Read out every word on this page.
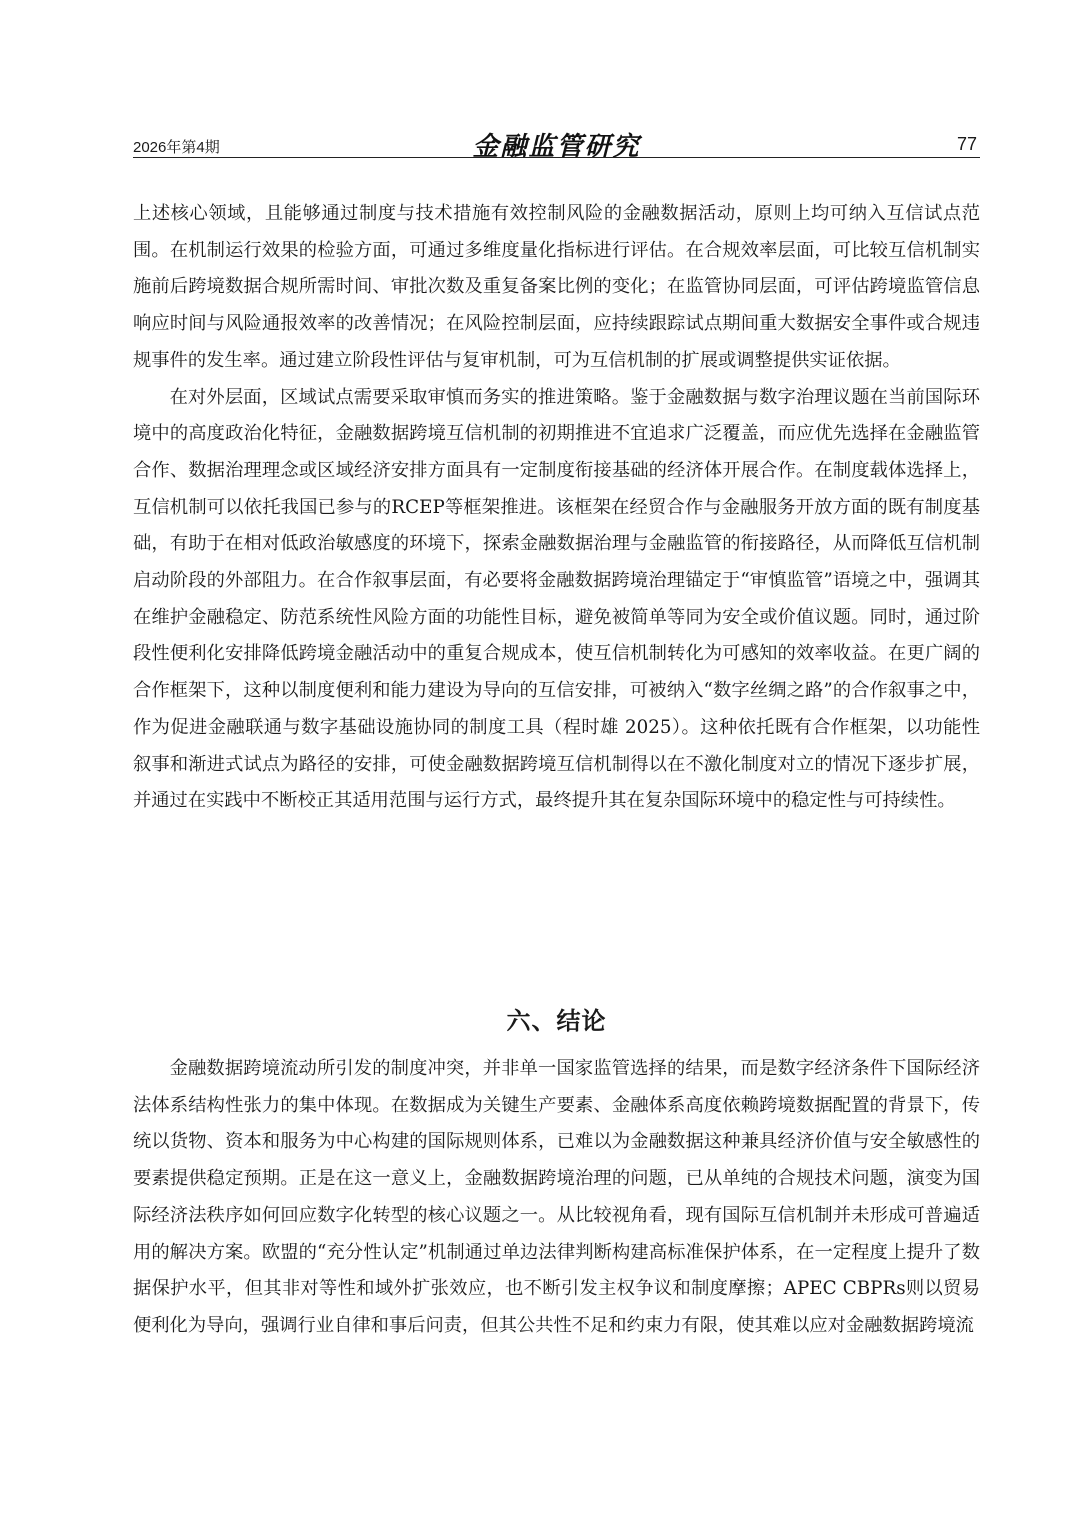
2026年第4期	金融监管研究	77

上述核心领域，且能够通过制度与技术措施有效控制风险的金融数据活动，原则上均可纳入互信试点范围。在机制运行效果的检验方面，可通过多维度量化指标进行评估。在合规效率层面，可比较互信机制实施前后跨境数据合规所需时间、审批次数及重复备案比例的变化；在监管协同层面，可评估跨境监管信息响应时间与风险通报效率的改善情况；在风险控制层面，应持续跟踪试点期间重大数据安全事件或合规违规事件的发生率。通过建立阶段性评估与复审机制，可为互信机制的扩展或调整提供实证依据。

在对外层面，区域试点需要采取审慎而务实的推进策略。鉴于金融数据与数字治理议题在当前国际环境中的高度政治化特征，金融数据跨境互信机制的初期推进不宜追求广泛覆盖，而应优先选择在金融监管合作、数据治理理念或区域经济安排方面具有一定制度衔接基础的经济体开展合作。在制度载体选择上，互信机制可以依托我国已参与的RCEP等框架推进。该框架在经贸合作与金融服务开放方面的既有制度基础，有助于在相对低政治敏感度的环境下，探索金融数据治理与金融监管的衔接路径，从而降低互信机制启动阶段的外部阻力。在合作叙事层面，有必要将金融数据跨境治理锚定于“审慎监管”语境之中，强调其在维护金融稳定、防范系统性风险方面的功能性目标，避免被简单等同为安全或价值议题。同时，通过阶段性便利化安排降低跨境金融活动中的重复合规成本，使互信机制转化为可感知的效率收益。在更广阔的合作框架下，这种以制度便利和能力建设为导向的互信安排，可被纳入“数字丝绸之路”的合作叙事之中，作为促进金融联通与数字基础设施协同的制度工具（程时雄 2025）。这种依托既有合作框架，以功能性叙事和渐进式试点为路径的安排，可使金融数据跨境互信机制得以在不激化制度对立的情况下逐步扩展，并通过在实践中不断校正其适用范围与运行方式，最终提升其在复杂国际环境中的稳定性与可持续性。

六、结论

金融数据跨境流动所引发的制度冲突，并非单一国家监管选择的结果，而是数字经济条件下国际经济法体系结构性张力的集中体现。在数据成为关键生产要素、金融体系高度依赖跨境数据配置的背景下，传统以货物、资本和服务为中心构建的国际规则体系，已难以为金融数据这种兼具经济价值与安全敏感性的要素提供稳定预期。正是在这一意义上，金融数据跨境治理的问题，已从单纯的合规技术问题，演变为国际经济法秩序如何回应数字化转型的核心议题之一。从比较视角看，现有国际互信机制并未形成可普遍适用的解决方案。欧盟的“充分性认定”机制通过单边法律判断构建高标准保护体系，在一定程度上提升了数据保护水平，但其非对等性和域外扩张效应，也不断引发主权争议和制度摩擦；APEC CBPRs则以贸易便利化为导向，强调行业自律和事后问责，但其公共性不足和约束力有限，使其难以应对金融数据跨境流
